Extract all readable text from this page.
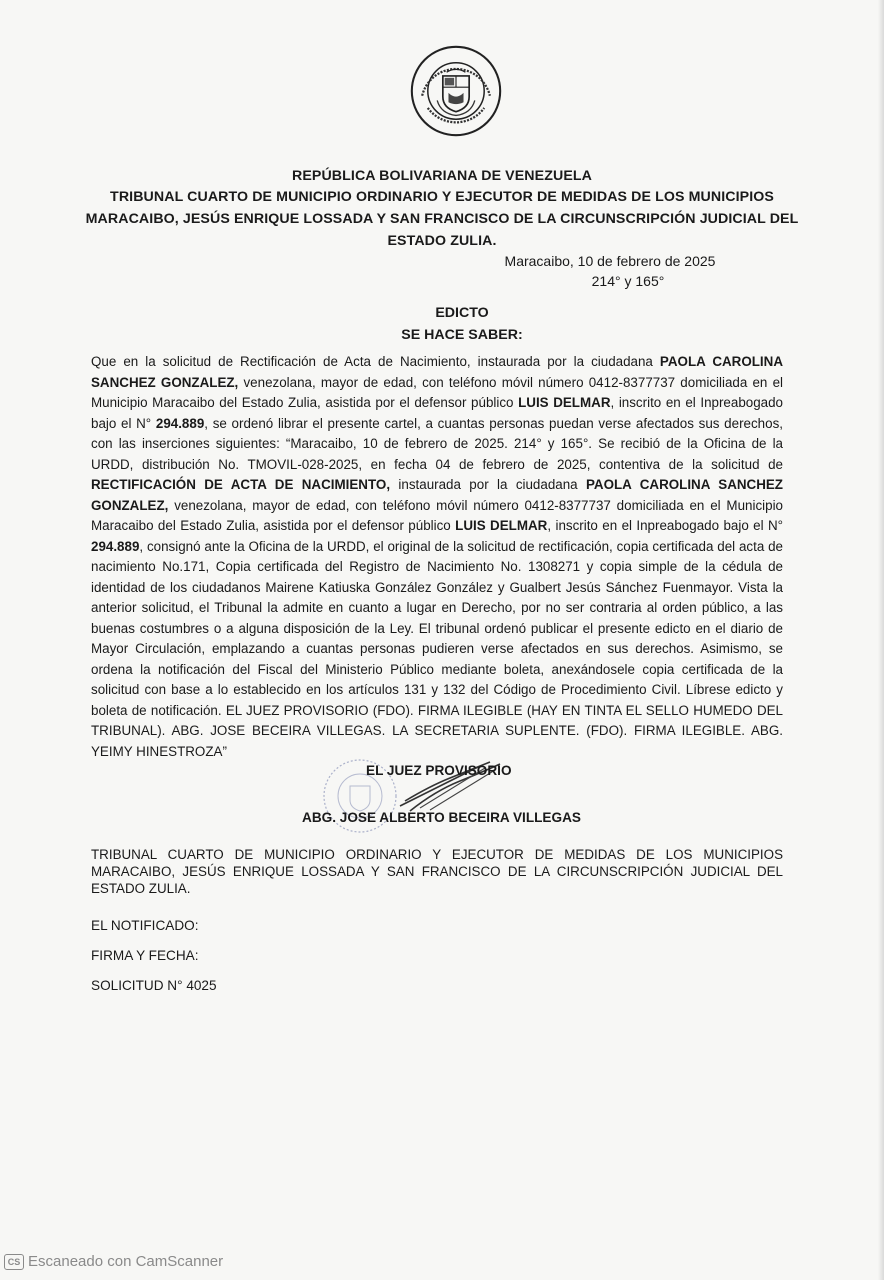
REPÚBLICA BOLIVARIANA DE VENEZUELA
TRIBUNAL CUARTO DE MUNICIPIO ORDINARIO Y EJECUTOR DE MEDIDAS DE LOS MUNICIPIOS
MARACAIBO, JESÚS ENRIQUE LOSSADA Y SAN FRANCISCO DE LA CIRCUNSCRIPCIÓN JUDICIAL DEL
ESTADO ZULIA.
Maracaibo, 10 de febrero de 2025
214° y 165°
EDICTO
SE HACE SABER:
Que en la solicitud de Rectificación de Acta de Nacimiento, instaurada por la ciudadana PAOLA CAROLINA SANCHEZ GONZALEZ, venezolana, mayor de edad, con teléfono móvil número 0412-8377737 domiciliada en el Municipio Maracaibo del Estado Zulia, asistida por el defensor público LUIS DELMAR, inscrito en el Inpreabogado bajo el N° 294.889, se ordenó librar el presente cartel, a cuantas personas puedan verse afectados sus derechos, con las inserciones siguientes: “Maracaibo, 10 de febrero de 2025. 214° y 165°. Se recibió de la Oficina de la URDD, distribución No. TMOVIL-028-2025, en fecha 04 de febrero de 2025, contentiva de la solicitud de RECTIFICACIÓN DE ACTA DE NACIMIENTO, instaurada por la ciudadana PAOLA CAROLINA SANCHEZ GONZALEZ, venezolana, mayor de edad, con teléfono móvil número 0412-8377737 domiciliada en el Municipio Maracaibo del Estado Zulia, asistida por el defensor público LUIS DELMAR, inscrito en el Inpreabogado bajo el N° 294.889, consignó ante la Oficina de la URDD, el original de la solicitud de rectificación, copia certificada del acta de nacimiento No.171, Copia certificada del Registro de Nacimiento No. 1308271 y copia simple de la cédula de identidad de los ciudadanos Mairene Katiuska González González y Gualbert Jesús Sánchez Fuenmayor. Vista la anterior solicitud, el Tribunal la admite en cuanto a lugar en Derecho, por no ser contraria al orden público, a las buenas costumbres o a alguna disposición de la Ley. El tribunal ordenó publicar el presente edicto en el diario de Mayor Circulación, emplazando a cuantas personas pudieren verse afectados en sus derechos. Asimismo, se ordena la notificación del Fiscal del Ministerio Público mediante boleta, anexándosele copia certificada de la solicitud con base a lo establecido en los artículos 131 y 132 del Código de Procedimiento Civil. Líbrese edicto y boleta de notificación. EL JUEZ PROVISORIO (FDO). FIRMA ILEGIBLE (HAY EN TINTA EL SELLO HUMEDO DEL TRIBUNAL). ABG. JOSE BECEIRA VILLEGAS. LA SECRETARIA SUPLENTE. (FDO). FIRMA ILEGIBLE. ABG. YEIMY HINESTROZA”
EL JUEZ PROVISORIO
ABG. JOSE ALBERTO BECEIRA VILLEGAS
TRIBUNAL CUARTO DE MUNICIPIO ORDINARIO Y EJECUTOR DE MEDIDAS DE LOS MUNICIPIOS MARACAIBO, JESÚS ENRIQUE LOSSADA Y SAN FRANCISCO DE LA CIRCUNSCRIPCIÓN JUDICIAL DEL ESTADO ZULIA.
EL NOTIFICADO:
FIRMA Y FECHA:
SOLICITUD N° 4025
CS Escaneado con CamScanner
